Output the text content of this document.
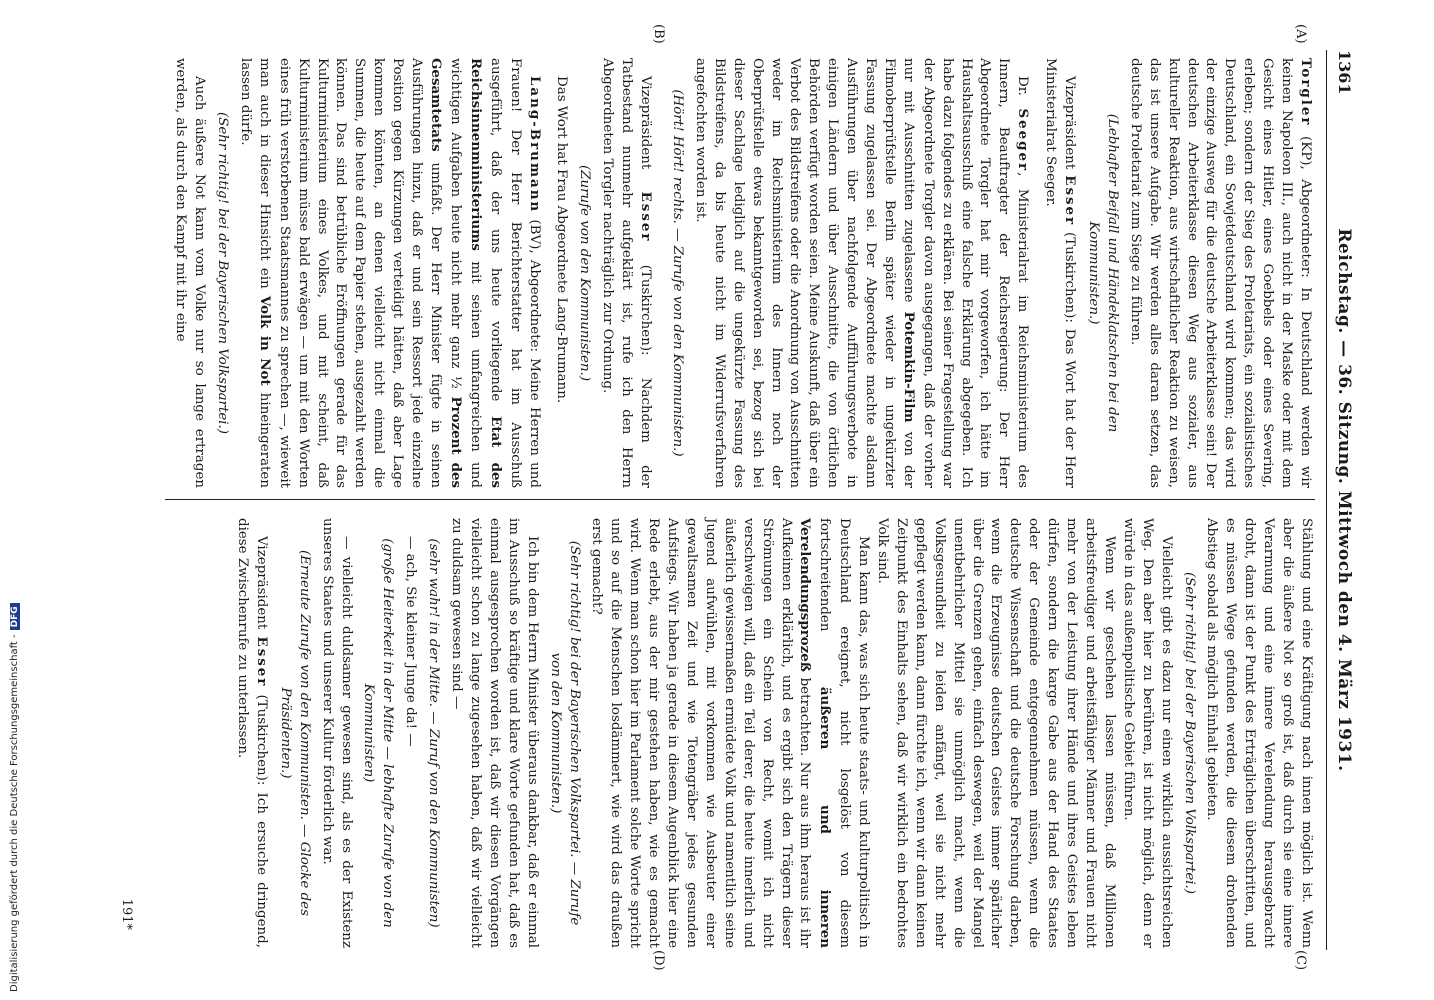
1361
Reichstag. — 36. Sitzung. Mittwoch den 4. März 1931.
(A)
(B)
(C)
(D)

Torgler (KP), Abgeordneter: In Deutschland werden wir keinen Napoleon III., auch nicht in der Maske oder mit dem Gesicht eines Hitler, eines Goebbels oder eines Severing, erleben; sondern der Sieg des Proletariats, ein sozialistisches Deutschland, ein Sowjetdeutschland wird kommen; das wird der einzige Ausweg für die deutsche Arbeiterklasse sein! Der deutschen Arbeiterklasse diesen Weg aus sozialer, aus kultureller Reaktion, aus wirtschaftlicher Reaktion zu weisen, das ist unsere Aufgabe. Wir werden alles daran setzen, das deutsche Proletariat zum Siege zu führen.

(Lebhafter Beifall und Händeklatschen bei den Kommunisten.)

Vizepräsident Esser (Tuskirchen): Das Wort hat der Herr Ministerialrat Seeger.

Dr. Seeger, Ministerialrat im Reichsministerium des Innern, Beauftragter der Reichsregierung: Der Herr Abgeordnete Torgler hat mir vorgeworfen, ich hätte im Haushaltsausschuß eine falsche Erklärung abgegeben. Ich habe dazu folgendes zu erklären. Bei seiner Fragestellung war der Abgeordnete Torgler davon ausgegangen, daß der vorher nur mit Ausschnitten zugelassene Potemkin-Film von der Filmoberprüfstelle Berlin später wieder in ungekürzter Fassung zugelassen sei. Der Abgeordnete machte alsdann Ausführungen über nachfolgende Aufführungsverbote in einigen Ländern und über Ausschnitte, die von örtlichen Behörden verfügt worden seien. Meine Auskunft, daß über ein Verbot des Bildstreifens oder die Anordnung von Ausschnitten weder im Reichsministerium des Innern noch der Oberprüfstelle etwas bekanntgeworden sei, bezog sich bei dieser Sachlage lediglich auf die ungekürzte Fassung des Bildstreifens, da bis heute nicht im Widerrufsverfahren angefochten worden ist.

(Hört! Hört! rechts. — Zurufe von den Kommunisten.)

Vizepräsident Esser (Tuskirchen): Nachdem der Tatbestand nunmehr aufgeklärt ist, rufe ich den Herrn Abgeordneten Torgler nachträglich zur Ordnung.

(Zurufe von den Kommunisten.)

Das Wort hat Frau Abgeordnete Lang-Brumann.

Lang-Brumann (BV), Abgeordnete: Meine Herren und Frauen! Der Herr Berichterstatter hat im Ausschuß ausgeführt, daß der uns heute vorliegende Etat des Reichsinnenministeriums mit seinen umfangreichen und wichtigen Aufgaben heute nicht mehr ganz ½ Prozent des Gesamtetats umfaßt. Der Herr Minister fügte in seinen Ausführungen hinzu, daß er und sein Ressort jede einzelne Position gegen Kürzungen verteidigt hätten, daß aber Lage kommen könnten, an denen vielleicht nicht einmal die Summen, die heute auf dem Papier stehen, ausgezahlt werden können. Das sind betrübliche Eröffnungen gerade für das Kulturministerium eines Volkes, und mit scheint, daß Kulturministerium müsse bald erwägen — um mit den Worten eines früh verstorbenen Staatsmannes zu sprechen —, wieweit man auch in dieser Hinsicht ein Volk in Not hineingeraten lassen dürfe.

(Sehr richtig! bei der Bayerischen Volkspartei.)

Auch äußere Not kann vom Volke nur so lange ertragen werden, als durch den Kampf mit ihr eine

Stählung und eine Kräftigung nach innen möglich ist. Wenn aber die äußere Not so groß ist, daß durch sie eine innere Verarmung und eine innere Verelendung herausgebracht droht, dann ist der Punkt des Erträglichen überschritten, und es müssen Wege gefunden werden, die diesem drohenden Abstieg sobald als möglich Einhalt gebieten.

(Sehr richtig! bei der Bayerischen Volkspartei.)

Vielleicht gibt es dazu nur einen wirklich aussichtsreichen Weg. Den aber hier zu berühren, ist nicht möglich, denn er würde in das außenpolitische Gebiet führen.

Wenn wir geschehen lassen müssen, daß Millionen arbeitsfreudiger und arbeitsfähiger Männer und Frauen nicht mehr von der Leistung ihrer Hände und ihres Geistes leben dürfen, sondern die karge Gabe aus der Hand des Staates oder der Gemeinde entgegennehmen müssen, wenn die deutsche Wissenschaft und die deutsche Forschung darben, wenn die Erzeugnisse deutschen Geistes immer spärlicher über die Grenzen gehen, einfach deswegen, weil der Mangel unentbehrlicher Mittel sie unmöglich macht, wenn die Volksgesundheit zu leiden anfängt, weil sie nicht mehr gepflegt werden kann, dann fürchte ich, wenn wir dann keinen Zeitpunkt des Einhalts sehen, daß wir wirklich ein bedrohtes Volk sind.

Man kann das, was sich heute staats- und kulturpolitisch in Deutschland ereignet, nicht losgelöst von diesem fortschreitenden äußeren und inneren Verelendungsprozeß betrachten. Nur aus ihm heraus ist ihr Aufkeimen erklärlich, und es ergibt sich den Trägern dieser Strömungen ein Schein von Recht, womit ich nicht verschweigen will, daß ein Teil derer, die heute innerlich und äußerlich gewissermaßen ermüdete Volk und namentlich seine Jugend aufwühlen, mit vorkommen wie Ausbeuter einer gewaltsamen Zeit und wie Totengräber jedes gesunden Aufstiegs. Wir haben ja gerade in diesem Augenblick hier eine Rede erlebt, aus der mir gestehen haben, wie es gemacht wird. Wenn man schon hier im Parlament solche Worte spricht und so auf die Menschen losdämmert, wie wird das draußen erst gemacht?

(Sehr richtig! bei der Bayerischen Volkspartei. — Zurufe von den Kommunisten.)

Ich bin dem Herrn Minister überaus dankbar, daß er einmal im Ausschuß so kräftige und klare Worte gefunden hat, daß es einmal ausgesprochen worden ist, daß wir diesen Vorgängen vielleicht schon zu lange zugesehen haben, daß wir vielleicht zu duldsam gewesen sind —

(sehr wahr! in der Mitte. — Zuruf von den Kommunisten)

— ach, Sie kleiner Junge da! —

(große Heiterkeit in der Mitte — lebhafte Zurufe von den Kommunisten)

— vielleicht duldsamer gewesen sind, als es der Existenz unseres Staates und unserer Kultur förderlich war.

(Erneute Zurufe von den Kommunisten. — Glocke des Präsidenten.)

Vizepräsident Esser (Tuskirchen): Ich ersuche dringend, diese Zwischenrufe zu unterlassen.

191*
Digitalisierung gefördert durch die Deutsche Forschungsgemeinschaft -DFG
